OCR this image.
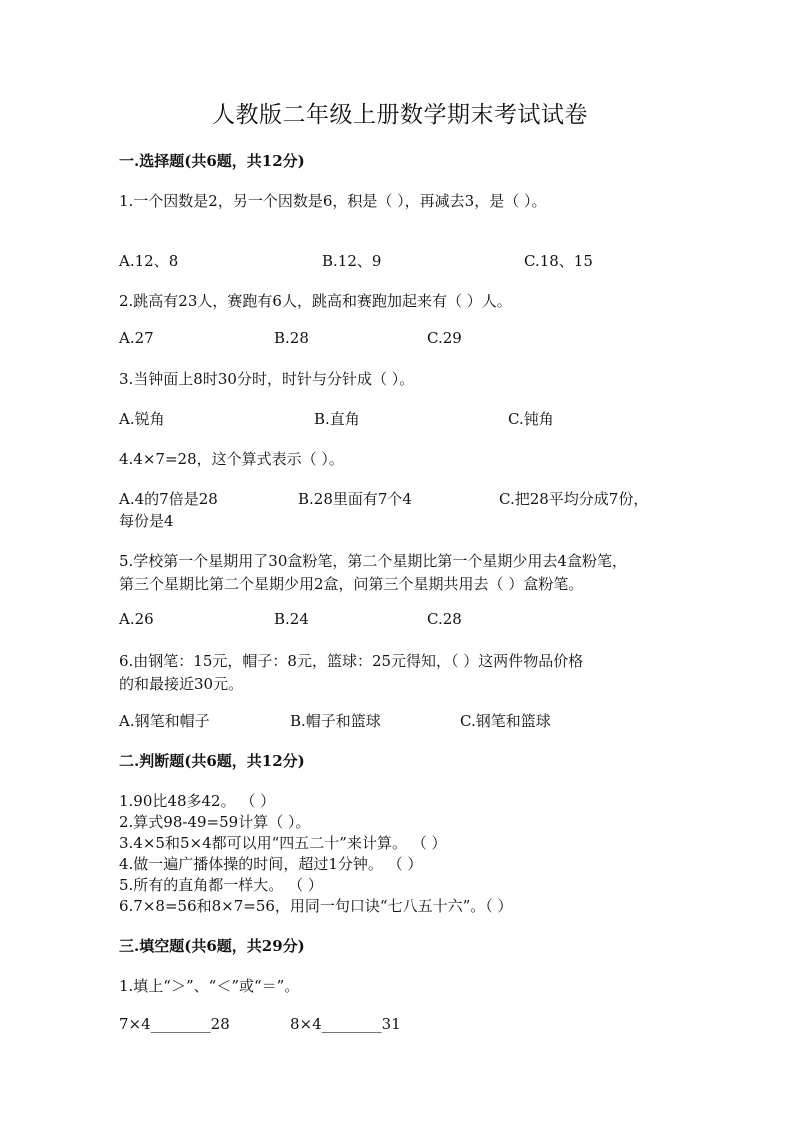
人教版二年级上册数学期末考试试卷
一.选择题(共6题，共12分)
1.一个因数是2，另一个因数是6，积是（ ），再减去3，是（ ）。
A.12、8	B.12、9	C.18、15
2.跳高有23人，赛跑有6人，跳高和赛跑加起来有（ ）人。
A.27	B.28	C.29
3.当钟面上8时30分时，时针与分针成（ ）。
A.锐角	B.直角	C.钝角
4.4×7=28，这个算式表示（ ）。
A.4的7倍是28	B.28里面有7个4	C.把28平均分成7份，
每份是4
5.学校第一个星期用了30盒粉笔，第二个星期比第一个星期少用去4盒粉笔，
第三个星期比第二个星期少用2盒，问第三个星期共用去（ ）盒粉笔。
A.26	B.24	C.28
6.由钢笔：15元，帽子：8元，篮球：25元得知，（ ）这两件物品价格
的和最接近30元。
A.钢笔和帽子	B.帽子和篮球	C.钢笔和篮球
二.判断题(共6题，共12分)
1.90比48多42。 （ ）
2.算式98-49=59计算（ ）。
3.4×5和5×4都可以用“四五二十”来计算。 （ ）
4.做一遍广播体操的时间，超过1分钟。 （ ）
5.所有的直角都一样大。 （ ）
6.7×8=56和8×7=56，用同一句口诀“七八五十六”。（ ）
三.填空题(共6题，共29分)
1.填上“＞”、“＜”或“＝”。
7×4________28	8×4________31
